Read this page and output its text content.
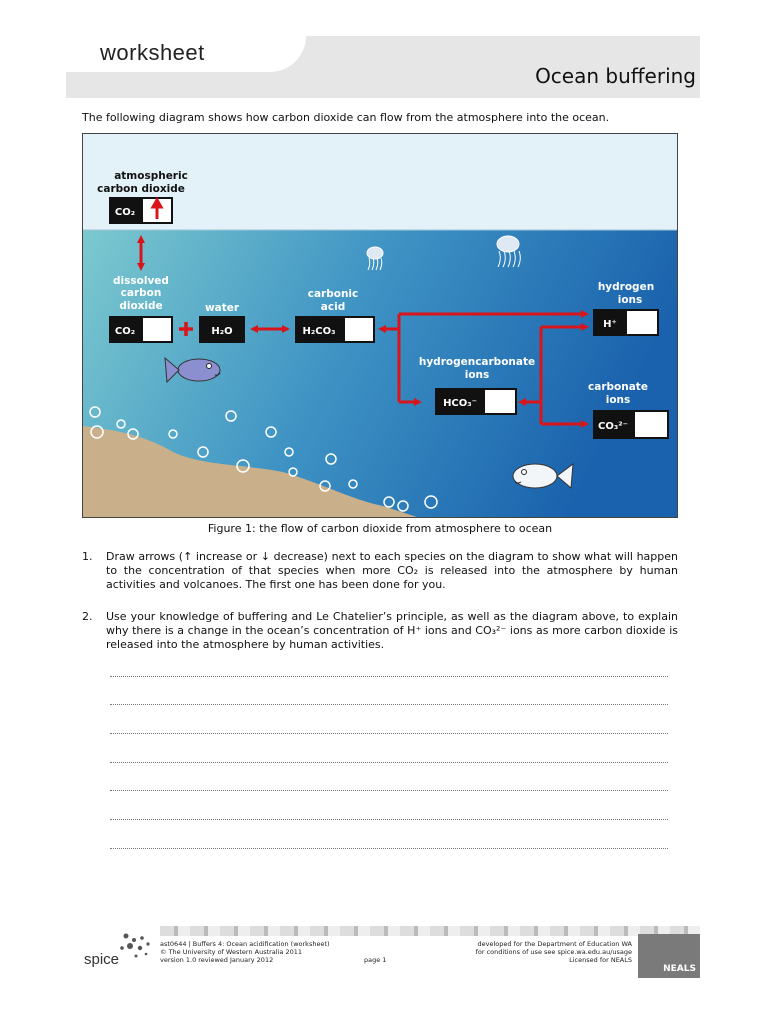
worksheet
Ocean buffering
The following diagram shows how carbon dioxide can flow from the atmosphere into the ocean.
atmospheric
carbon dioxide
CO₂
dissolved
carbon
dioxide
CO₂
water
H₂O
carbonic
acid
H₂CO₃
hydrogen
ions
H⁺
hydrogencarbonate
ions
HCO₃⁻
carbonate
ions
CO₃²⁻
Figure 1: the flow of carbon dioxide from atmosphere to ocean
1.	Draw arrows (↑ increase or ↓ decrease) next to each species on the diagram to show what will happen to the concentration of that species when more CO₂ is released into the atmosphere by human activities and volcanoes. The first one has been done for you.
2.	Use your knowledge of buffering and Le Chatelier’s principle, as well as the diagram above, to explain why there is a change in the ocean’s concentration of H⁺ ions and CO₃²⁻ ions as more carbon dioxide is released into the atmosphere by human activities.
spice
ast0644 | Buffers 4: Ocean acidification (worksheet)
© The University of Western Australia 2011
version 1.0 reviewed January 2012	page 1
developed for the Department of Education WA
for conditions of use see spice.wa.edu.au/usage
Licensed for NEALS
NEALS
